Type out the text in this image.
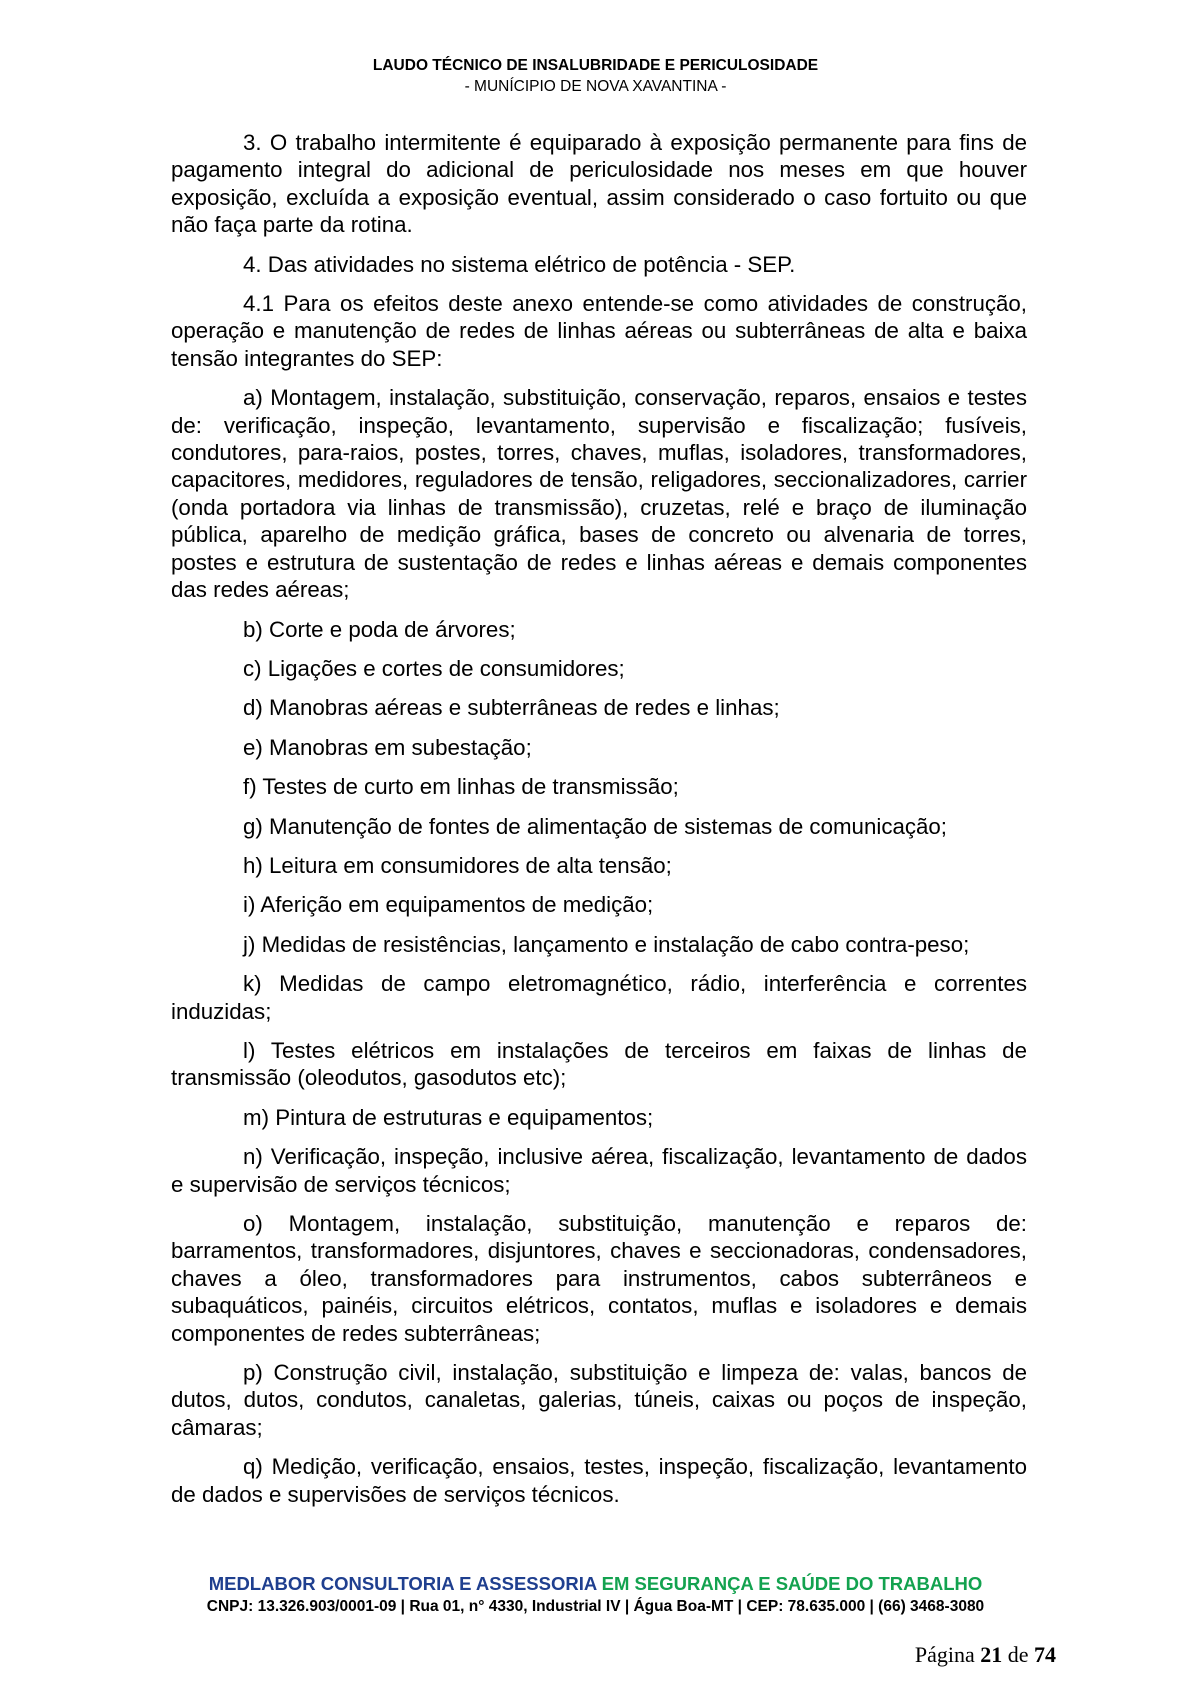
LAUDO TÉCNICO DE INSALUBRIDADE E PERICULOSIDADE
- MUNÍCIPIO DE NOVA XAVANTINA -

3. O trabalho intermitente é equiparado à exposição permanente para fins de pagamento integral do adicional de periculosidade nos meses em que houver exposição, excluída a exposição eventual, assim considerado o caso fortuito ou que não faça parte da rotina.

4. Das atividades no sistema elétrico de potência - SEP.

4.1 Para os efeitos deste anexo entende-se como atividades de construção, operação e manutenção de redes de linhas aéreas ou subterrâneas de alta e baixa tensão integrantes do SEP:

a) Montagem, instalação, substituição, conservação, reparos, ensaios e testes de: verificação, inspeção, levantamento, supervisão e fiscalização; fusíveis, condutores, para-raios, postes, torres, chaves, muflas, isoladores, transformadores, capacitores, medidores, reguladores de tensão, religadores, seccionalizadores, carrier (onda portadora via linhas de transmissão), cruzetas, relé e braço de iluminação pública, aparelho de medição gráfica, bases de concreto ou alvenaria de torres, postes e estrutura de sustentação de redes e linhas aéreas e demais componentes das redes aéreas;

b) Corte e poda de árvores;

c) Ligações e cortes de consumidores;

d) Manobras aéreas e subterrâneas de redes e linhas;

e) Manobras em subestação;

f) Testes de curto em linhas de transmissão;

g) Manutenção de fontes de alimentação de sistemas de comunicação;

h) Leitura em consumidores de alta tensão;

i) Aferição em equipamentos de medição;

j) Medidas de resistências, lançamento e instalação de cabo contra-peso;

k) Medidas de campo eletromagnético, rádio, interferência e correntes induzidas;

l) Testes elétricos em instalações de terceiros em faixas de linhas de transmissão (oleodutos, gasodutos etc);

m) Pintura de estruturas e equipamentos;

n) Verificação, inspeção, inclusive aérea, fiscalização, levantamento de dados e supervisão de serviços técnicos;

o) Montagem, instalação, substituição, manutenção e reparos de: barramentos, transformadores, disjuntores, chaves e seccionadoras, condensadores, chaves a óleo, transformadores para instrumentos, cabos subterrâneos e subaquáticos, painéis, circuitos elétricos, contatos, muflas e isoladores e demais componentes de redes subterrâneas;

p) Construção civil, instalação, substituição e limpeza de: valas, bancos de dutos, dutos, condutos, canaletas, galerias, túneis, caixas ou poços de inspeção, câmaras;

q) Medição, verificação, ensaios, testes, inspeção, fiscalização, levantamento de dados e supervisões de serviços técnicos.

MEDLABOR CONSULTORIA E ASSESSORIA EM SEGURANÇA E SAÚDE DO TRABALHO
CNPJ: 13.326.903/0001-09 | Rua 01, n° 4330, Industrial IV | Água Boa-MT | CEP: 78.635.000 | (66) 3468-3080
Página 21 de 74
